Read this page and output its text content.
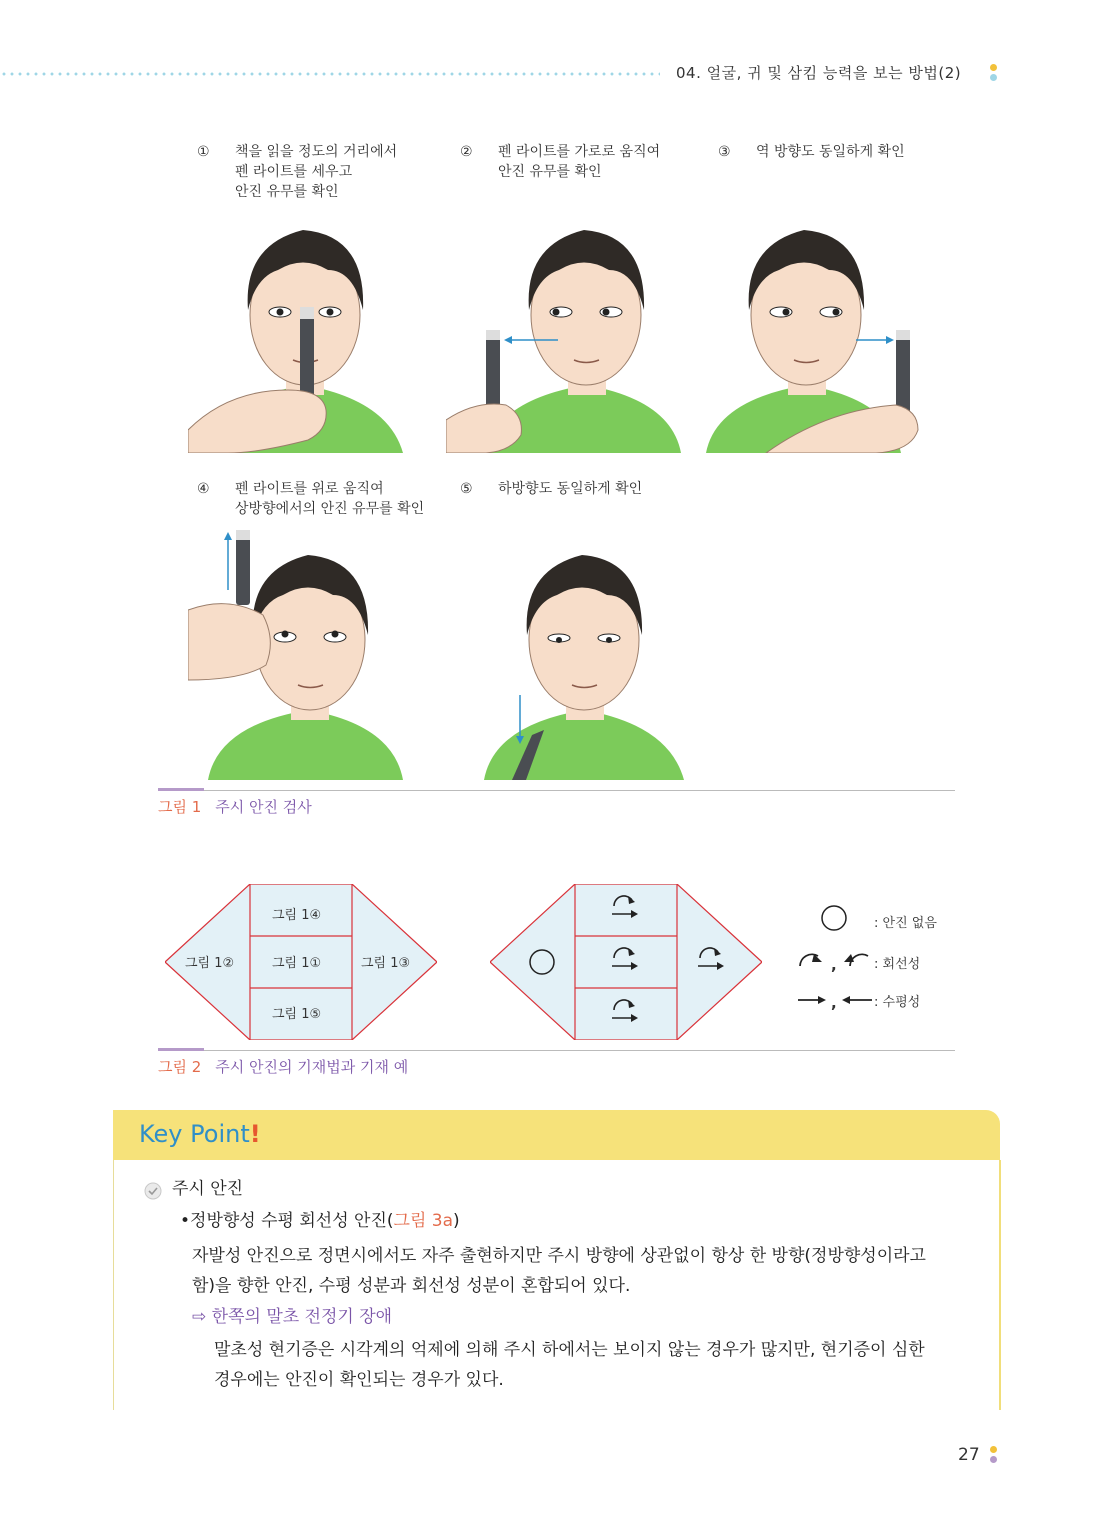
04. 얼굴, 귀 및 삼킴 능력을 보는 방법(2)

① 책을 읽을 정도의 거리에서
펜 라이트를 세우고
안진 유무를 확인

② 펜 라이트를 가로로 움직여
안진 유무를 확인

③ 역 방향도 동일하게 확인

④ 펜 라이트를 위로 움직여
상방향에서의 안진 유무를 확인

⑤ 하방향도 동일하게 확인

그림 1 주시 안진 검사
그림 1④
그림 1②	그림 1①	그림 1③
그림 1⑤
,
,
: 안진 없음
: 회선성
: 수평성
그림 2 주시 안진의 기재법과 기재 예
Key Point!
주시 안진
•정방향성 수평 회선성 안진(그림 3a)
자발성 안진으로 정면시에서도 자주 출현하지만 주시 방향에 상관없이 항상 한 방향(정방향성이라고
함)을 향한 안진, 수평 성분과 회선성 성분이 혼합되어 있다.
⇨ 한쪽의 말초 전정기 장애
말초성 현기증은 시각계의 억제에 의해 주시 하에서는 보이지 않는 경우가 많지만, 현기증이 심한
경우에는 안진이 확인되는 경우가 있다.
27
